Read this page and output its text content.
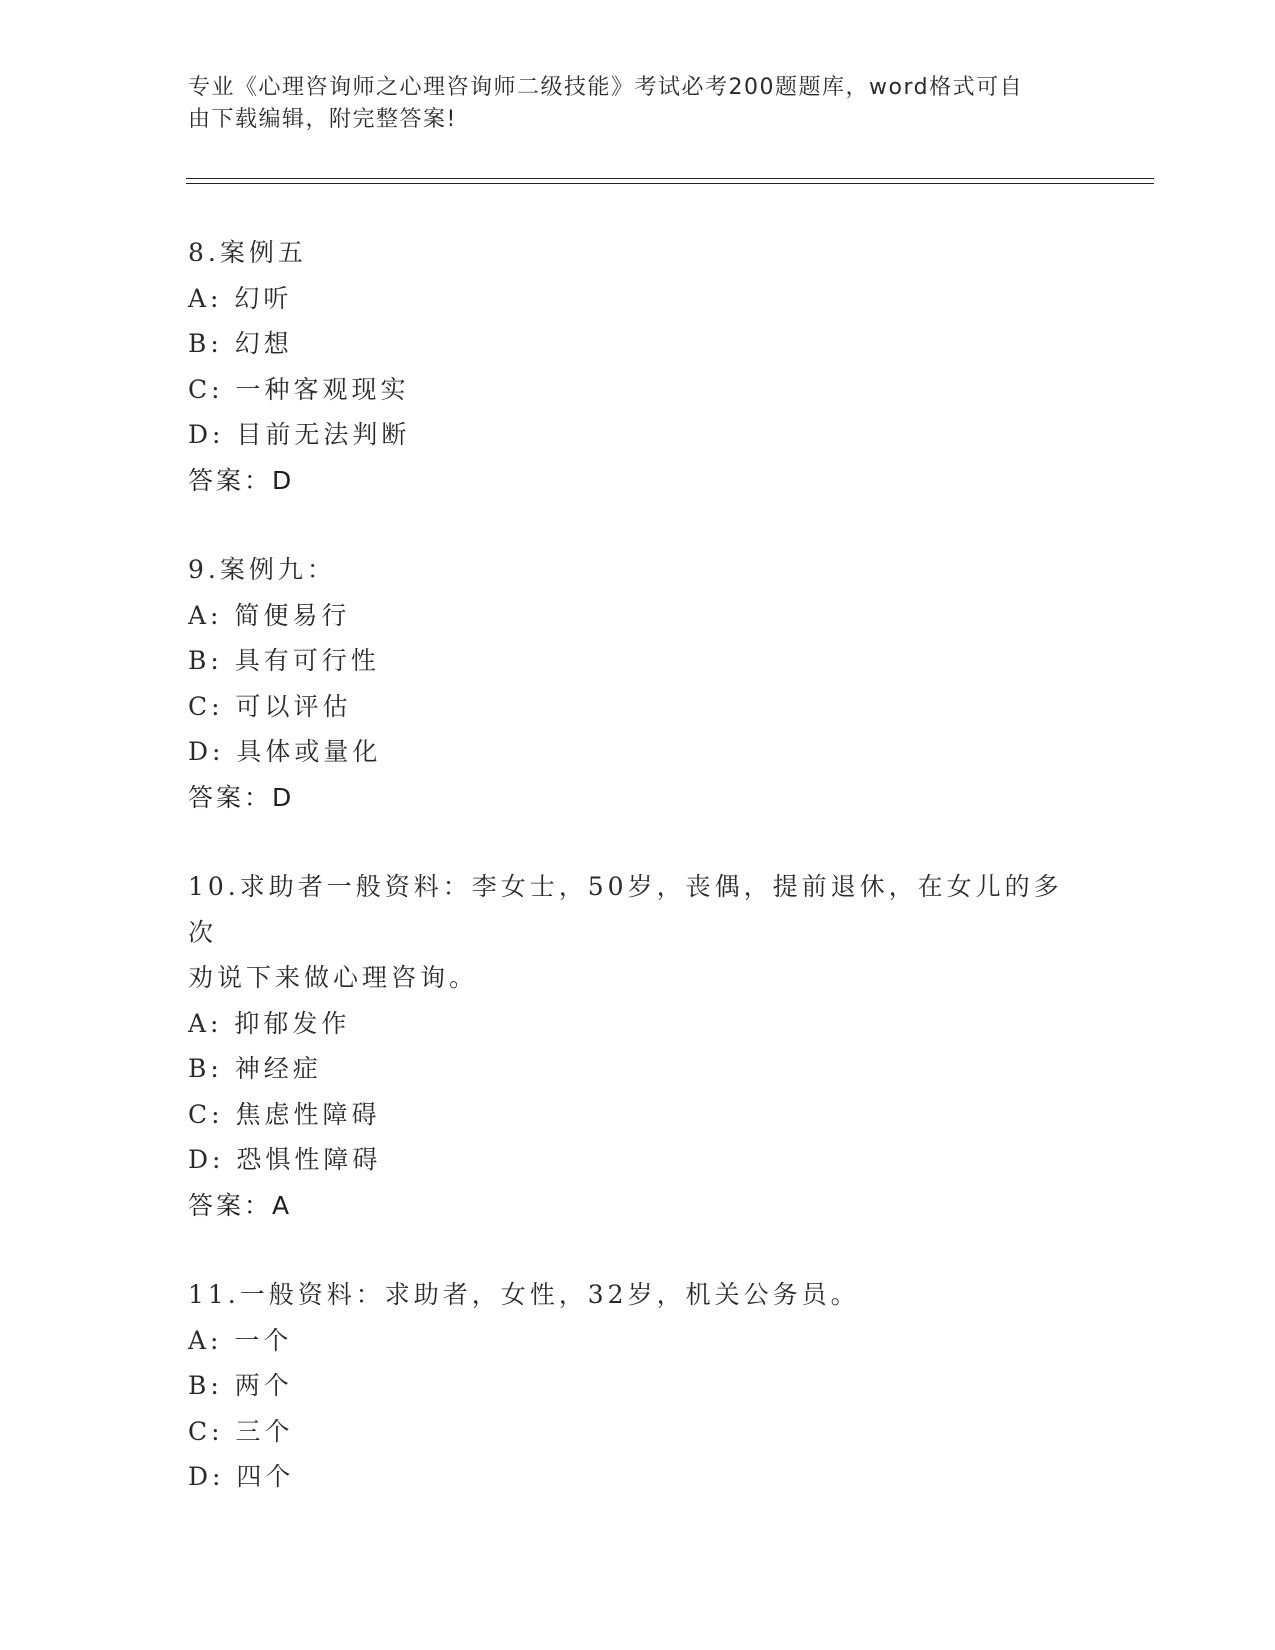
专业《心理咨询师之心理咨询师二级技能》考试必考200题题库，word格式可自
由下载编辑，附完整答案!
8.案例五
A: 幻听
B: 幻想
C: 一种客观现实
D: 目前无法判断
答案：D
9.案例九：
A: 简便易行
B: 具有可行性
C: 可以评估
D: 具体或量化
答案：D
10.求助者一般资料：李女士，50岁，丧偶，提前退休，在女儿的多次
劝说下来做心理咨询。
A: 抑郁发作
B: 神经症
C: 焦虑性障碍
D: 恐惧性障碍
答案：A
11.一般资料：求助者，女性，32岁，机关公务员。
A: 一个
B: 两个
C: 三个
D: 四个
